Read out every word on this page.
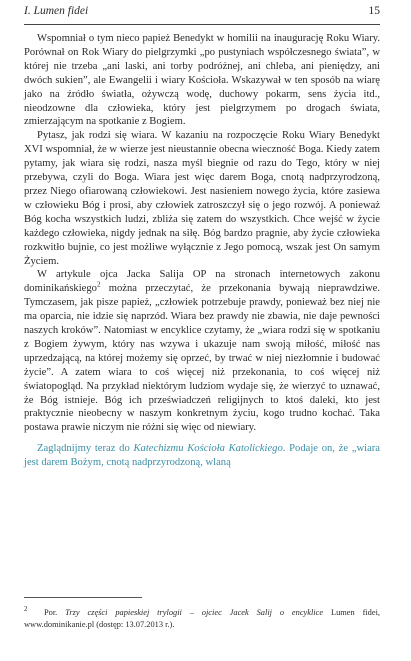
I. Lumen fidei	15

Wspomniał o tym nieco papież Benedykt w homilii na inaugurację Roku Wiary. Porównał on Rok Wiary do pielgrzymki „po pustyniach współczesnego świata”, w której nie trzeba „ani laski, ani torby podróżnej, ani chleba, ani pieniędzy, ani dwóch sukien”, ale Ewangelii i wiary Kościoła. Wskazywał w ten sposób na wiarę jako na źródło światła, ożywczą wodę, duchowy pokarm, sens życia itd., nieodzowne dla człowieka, który jest pielgrzymem po drogach świata, zmierzającym na spotkanie z Bogiem.

Pytasz, jak rodzi się wiara. W kazaniu na rozpoczęcie Roku Wiary Benedykt XVI wspomniał, że w wierze jest nieustannie obecna wieczność Boga. Kiedy zatem pytamy, jak wiara się rodzi, nasza myśl biegnie od razu do Tego, który w niej przebywa, czyli do Boga. Wiara jest więc darem Boga, cnotą nadprzyrodzoną, przez Niego ofiarowaną człowiekowi. Jest nasieniem nowego życia, które zasiewa w człowieku Bóg i prosi, aby człowiek zatroszczył się o jego rozwój. A ponieważ Bóg kocha wszystkich ludzi, zbliża się zatem do wszystkich. Chce wejść w życie każdego człowieka, nigdy jednak na siłę. Bóg bardzo pragnie, aby życie człowieka rozkwitło bujnie, co jest możliwe wyłącznie z Jego pomocą, wszak jest On samym Życiem.

W artykule ojca Jacka Salija OP na stronach internetowych zakonu dominikańskiego$^2$ można przeczytać, że przekonania bywają nieprawdziwe. Tymczasem, jak pisze papież, „człowiek potrzebuje prawdy, ponieważ bez niej nie ma oparcia, nie idzie się naprzód. Wiara bez prawdy nie zbawia, nie daje pewności naszych kroków”. Natomiast w encyklice czytamy, że „wiara rodzi się w spotkaniu z Bogiem żywym, który nas wzywa i ukazuje nam swoją miłość, miłość nas uprzedzającą, na której możemy się oprzeć, by trwać w niej niezłomnie i budować życie”. A zatem wiara to coś więcej niż przekonania, to coś więcej niż światopogląd. Na przykład niektórym ludziom wydaje się, że wierzyć to uznawać, że Bóg istnieje. Bóg ich przeświadczeń religijnych to ktoś daleki, kto jest praktycznie nieobecny w naszym konkretnym życiu, kogo trudno kochać. Taka postawa prawie niczym nie różni się więc od niewiary.

Zaglądnijmy teraz do Katechizmu Kościoła Katolickiego. Podaje on, że „wiara jest darem Bożym, cnotą nadprzyrodzoną, wlaną

$^2$ Por. Trzy części papieskiej trylogii – ojciec Jacek Salij o encyklice Lumen fidei, www.dominikanie.pl (dostęp: 13.07.2013 r.).
